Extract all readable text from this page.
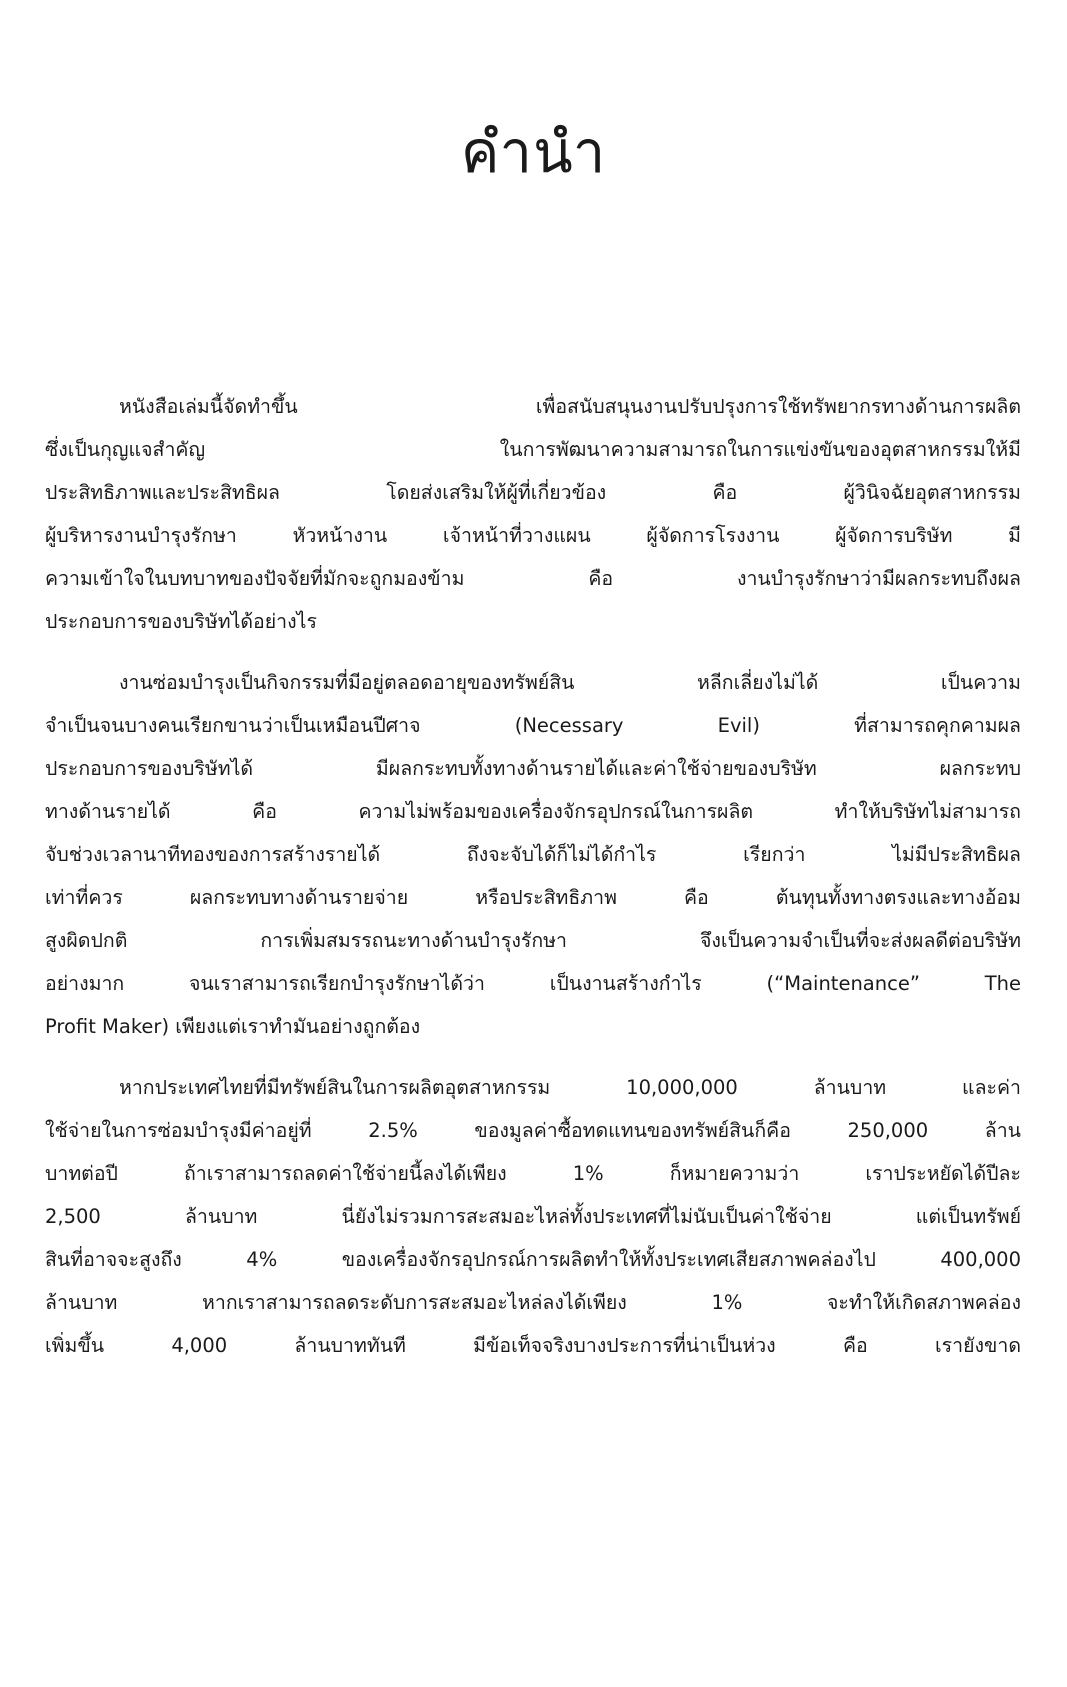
คำนำ
หนังสือเล่มนี้จัดทำขึ้น เพื่อสนับสนุนงานปรับปรุงการใช้ทรัพยากรทางด้านการผลิต
ซึ่งเป็นกุญแจสำคัญ ในการพัฒนาความสามารถในการแข่งขันของอุตสาหกรรมให้มี
ประสิทธิภาพและประสิทธิผล โดยส่งเสริมให้ผู้ที่เกี่ยวข้อง คือ ผู้วินิจฉัยอุตสาหกรรม
ผู้บริหารงานบำรุงรักษา หัวหน้างาน เจ้าหน้าที่วางแผน ผู้จัดการโรงงาน ผู้จัดการบริษัท มี
ความเข้าใจในบทบาทของปัจจัยที่มักจะถูกมองข้าม คือ งานบำรุงรักษาว่ามีผลกระทบถึงผล
ประกอบการของบริษัทได้อย่างไร
งานซ่อมบำรุงเป็นกิจกรรมที่มีอยู่ตลอดอายุของทรัพย์สิน หลีกเลี่ยงไม่ได้ เป็นความ
จำเป็นจนบางคนเรียกขานว่าเป็นเหมือนปีศาจ (Necessary Evil) ที่สามารถคุกคามผล
ประกอบการของบริษัทได้ มีผลกระทบทั้งทางด้านรายได้และค่าใช้จ่ายของบริษัท ผลกระทบ
ทางด้านรายได้ คือ ความไม่พร้อมของเครื่องจักรอุปกรณ์ในการผลิต ทำให้บริษัทไม่สามารถ
จับช่วงเวลานาทีทองของการสร้างรายได้ ถึงจะจับได้ก็ไม่ได้กำไร เรียกว่า ไม่มีประสิทธิผล
เท่าที่ควร ผลกระทบทางด้านรายจ่าย หรือประสิทธิภาพ คือ ต้นทุนทั้งทางตรงและทางอ้อม
สูงผิดปกติ การเพิ่มสมรรถนะทางด้านบำรุงรักษา จึงเป็นความจำเป็นที่จะส่งผลดีต่อบริษัท
อย่างมาก จนเราสามารถเรียกบำรุงรักษาได้ว่า เป็นงานสร้างกำไร (“Maintenance” The
Profit Maker) เพียงแต่เราทำมันอย่างถูกต้อง
หากประเทศไทยที่มีทรัพย์สินในการผลิตอุตสาหกรรม 10,000,000 ล้านบาท และค่า
ใช้จ่ายในการซ่อมบำรุงมีค่าอยู่ที่ 2.5% ของมูลค่าซื้อทดแทนของทรัพย์สินก็คือ 250,000 ล้าน
บาทต่อปี ถ้าเราสามารถลดค่าใช้จ่ายนี้ลงได้เพียง 1% ก็หมายความว่า เราประหยัดได้ปีละ
2,500 ล้านบาท นี่ยังไม่รวมการสะสมอะไหล่ทั้งประเทศที่ไม่นับเป็นค่าใช้จ่าย แต่เป็นทรัพย์
สินที่อาจจะสูงถึง 4% ของเครื่องจักรอุปกรณ์การผลิตทำให้ทั้งประเทศเสียสภาพคล่องไป 400,000
ล้านบาท หากเราสามารถลดระดับการสะสมอะไหล่ลงได้เพียง 1% จะทำให้เกิดสภาพคล่อง
เพิ่มขึ้น 4,000 ล้านบาททันที มีข้อเท็จจริงบางประการที่น่าเป็นห่วง คือ เรายังขาด
